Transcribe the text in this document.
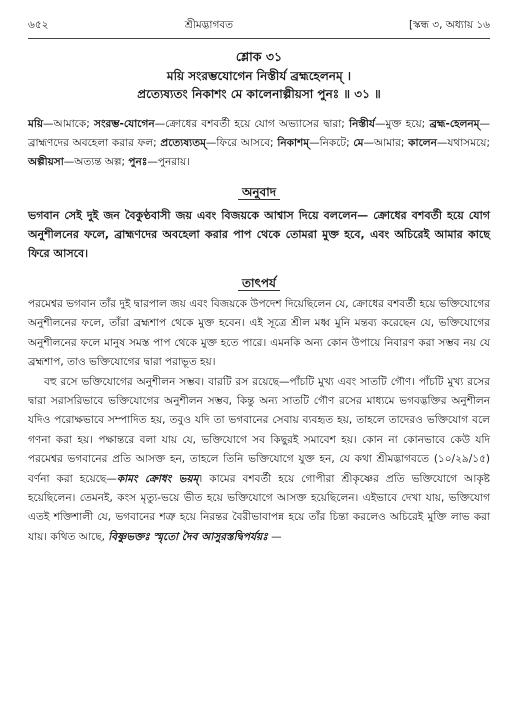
৬৫২	শ্রীমদ্ভাগবত	[স্কন্ধ ৩, অধ্যায় ১৬
শ্লোক ৩১
ময়ি সংরম্ভযোগেন নিস্তীর্য ব্রহ্মহেলনম্ ।
প্রত্যেষ্যতং নিকাশং মে কালেনাল্পীয়সা পুনঃ ॥ ৩১ ॥
ময়ি—আমাকে; সংরম্ভ-যোগেন—ক্রোধের বশবর্তী হয়ে যোগ অভ্যাসের দ্বারা; নিস্তীর্য—মুক্ত হয়ে; ব্রহ্ম-হেলনম্—ব্রাহ্মণদের অবহেলা করার ফল; প্রত্যেষ্যতম্—ফিরে আসবে; নিকাশম্—নিকটে; মে—আমার; কালেন—যথাসময়ে; অল্পীয়সা—অত্যন্ত অল্প; পুনঃ—পুনরায়।
অনুবাদ
ভগবান সেই দুই জন বৈকুণ্ঠবাসী জয় এবং বিজয়কে আশ্বাস দিয়ে বললেন— ক্রোধের বশবর্তী হয়ে যোগ অনুশীলনের ফলে, ব্রাহ্মণদের অবহেলা করার পাপ থেকে তোমরা মুক্ত হবে, এবং অচিরেই আমার কাছে ফিরে আসবে।
তাৎপর্য

পরমেশ্বর ভগবান তাঁর দুই দ্বারপাল জয় এবং বিজয়কে উপদেশ দিয়েছিলেন যে, ক্রোধের বশবর্তী হয়ে ভক্তিযোগের অনুশীলনের ফলে, তাঁরা ব্রহ্মশাপ থেকে মুক্ত হবেন। এই সূত্রে শ্রীল মধ্ব মুনি মন্তব্য করেছেন যে, ভক্তিযোগের অনুশীলনের ফলে মানুষ সমস্ত পাপ থেকে মুক্ত হতে পারে। এমনকি অন্য কোন উপায়ে নিবারণ করা সম্ভব নয় যে ব্রহ্মশাপ, তাও ভক্তিযোগের দ্বারা পরাভূত হয়।

বহু রসে ভক্তিযোগের অনুশীলন সম্ভব। বারটি রস রয়েছে—পাঁচটি মুখ্য এবং সাতটি গৌণ। পাঁচটি মুখ্য রসের দ্বারা সরাসরিভাবে ভক্তিযোগের অনুশীলন সম্ভব, কিন্তু অন্য সাতটি গৌণ রসের মাধ্যমে ভগবদ্ভক্তির অনুশীলন যদিও পরোক্ষভাবে সম্পাদিত হয়, তবুও যদি তা ভগবানের সেবায় ব্যবহৃত হয়, তাহলে তাদেরও ভক্তিযোগ বলে গণনা করা হয়। পক্ষান্তরে বলা যায় যে, ভক্তিযোগে সব কিছুরই সমাবেশ হয়। কোন না কোনভাবে কেউ যদি পরমেশ্বর ভগবানের প্রতি আসক্ত হন, তাহলে তিনি ভক্তিযোগে যুক্ত হন, যে কথা শ্রীমদ্ভাগবতে (১০/২৯/১৫) বর্ণনা করা হয়েছে—কামং ক্রোধং ভয়ম্। কামের বশবর্তী হয়ে গোপীরা শ্রীকৃষ্ণের প্রতি ভক্তিযোগে আকৃষ্ট হয়েছিলেন। তেমনই, কংস মৃত্যু-ভয়ে ভীত হয়ে ভক্তিযোগে আসক্ত হয়েছিলেন। এইভাবে দেখা যায়, ভক্তিযোগ এতই শক্তিশালী যে, ভগবানের শত্রু হয়ে নিরন্তর বৈরীভাবাপন্ন হয়ে তাঁর চিন্তা করলেও অচিরেই মুক্তি লাভ করা যায়। কথিত আছে, বিষ্ণুভক্তঃ স্মৃতো দৈব আসুরস্তদ্বিপর্যয়ঃ —
